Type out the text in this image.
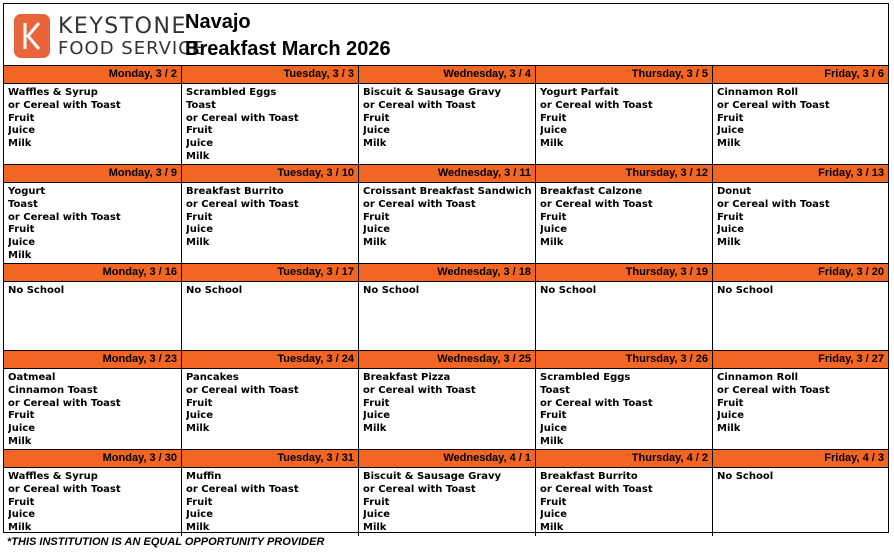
KEYSTONE
FOOD SERVICE
Navajo
Breakfast March 2026
Monday, 3 / 2
Waffles & Syrup
or Cereal with Toast
Fruit
Juice
Milk
Tuesday, 3 / 3
Scrambled Eggs
Toast
or Cereal with Toast
Fruit
Juice
Milk
Wednesday, 3 / 4
Biscuit & Sausage Gravy
or Cereal with Toast
Fruit
Juice
Milk
Thursday, 3 / 5
Yogurt Parfait
or Cereal with Toast
Fruit
Juice
Milk
Friday, 3 / 6
Cinnamon Roll
or Cereal with Toast
Fruit
Juice
Milk
Monday, 3 / 9
Yogurt
Toast
or Cereal with Toast
Fruit
Juice
Milk
Tuesday, 3 / 10
Breakfast Burrito
or Cereal with Toast
Fruit
Juice
Milk
Wednesday, 3 / 11
Croissant Breakfast Sandwich
or Cereal with Toast
Fruit
Juice
Milk
Thursday, 3 / 12
Breakfast Calzone
or Cereal with Toast
Fruit
Juice
Milk
Friday, 3 / 13
Donut
or Cereal with Toast
Fruit
Juice
Milk
Monday, 3 / 16
No School
Tuesday, 3 / 17
No School
Wednesday, 3 / 18
No School
Thursday, 3 / 19
No School
Friday, 3 / 20
No School
Monday, 3 / 23
Oatmeal
Cinnamon Toast
or Cereal with Toast
Fruit
Juice
Milk
Tuesday, 3 / 24
Pancakes
or Cereal with Toast
Fruit
Juice
Milk
Wednesday, 3 / 25
Breakfast Pizza
or Cereal with Toast
Fruit
Juice
Milk
Thursday, 3 / 26
Scrambled Eggs
Toast
or Cereal with Toast
Fruit
Juice
Milk
Friday, 3 / 27
Cinnamon Roll
or Cereal with Toast
Fruit
Juice
Milk
Monday, 3 / 30
Waffles & Syrup
or Cereal with Toast
Fruit
Juice
Milk
Tuesday, 3 / 31
Muffin
or Cereal with Toast
Fruit
Juice
Milk
Wednesday, 4 / 1
Biscuit & Sausage Gravy
or Cereal with Toast
Fruit
Juice
Milk
Thursday, 4 / 2
Breakfast Burrito
or Cereal with Toast
Fruit
Juice
Milk
Friday, 4 / 3
No School
*THIS INSTITUTION IS AN EQUAL OPPORTUNITY PROVIDER
